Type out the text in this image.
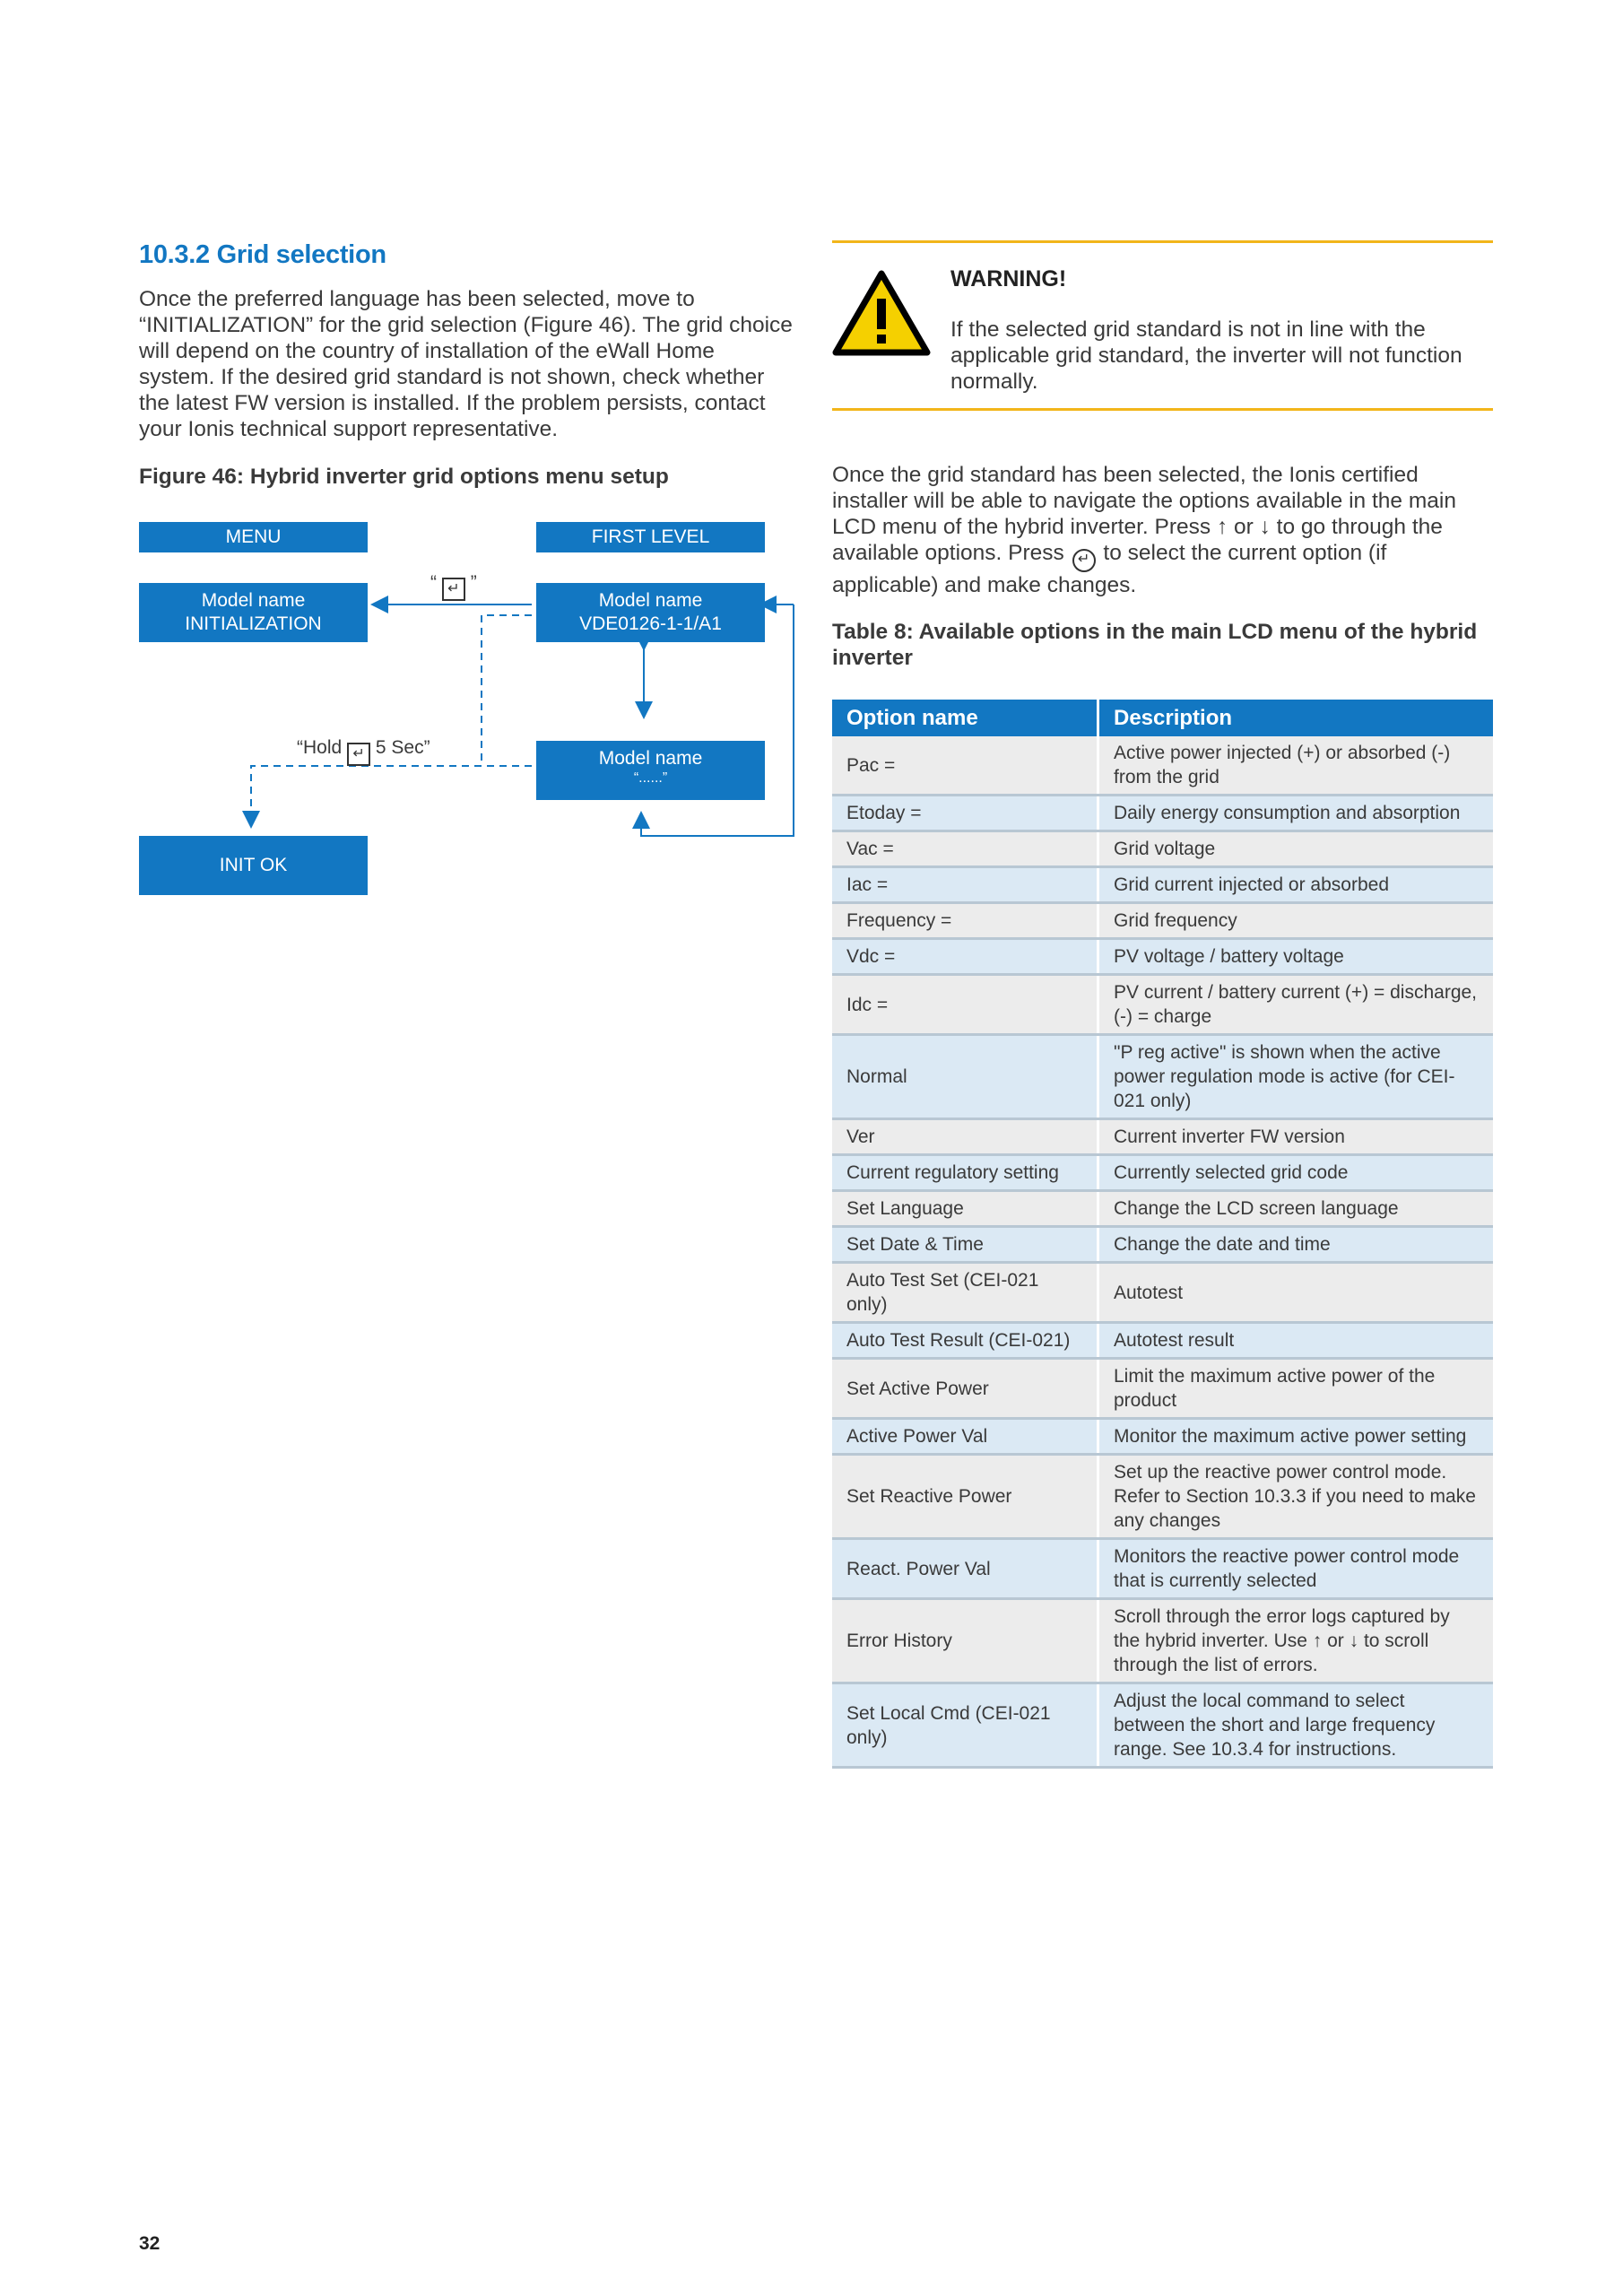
10.3.2 Grid selection

Once the preferred language has been selected, move to “INITIALIZATION” for the grid selection (Figure 46). The grid choice will depend on the country of installation of the eWall Home system. If the desired grid standard is not shown, check whether the latest FW version is installed. If the problem persists, contact your Ionis technical support representative.

Figure 46: Hybrid inverter grid options menu setup
MENU	FIRST LEVEL
Model name
INITIALIZATION
Model name
VDE0126-1-1/A1
Model name
“......”
“ ↵ ”
“Hold ↵ 5 Sec”
INIT OK
WARNING!
If the selected grid standard is not in line with the applicable grid standard, the inverter will not function normally.

Once the grid standard has been selected, the Ionis certified installer will be able to navigate the options available in the main LCD menu of the hybrid inverter. Press ↑ or ↓ to go through the available options. Press ↵ to select the current option (if applicable) and make changes.

Table 8: Available options in the main LCD menu of the hybrid inverter
Option name	Description
Pac =	Active power injected (+) or absorbed (-) from the grid
Etoday =	Daily energy consumption and absorption
Vac =	Grid voltage
Iac =	Grid current injected or absorbed
Frequency =	Grid frequency
Vdc =	PV voltage / battery voltage
Idc =	PV current / battery current (+) = discharge, (-) = charge
Normal	"P reg active" is shown when the active power regulation mode is active (for CEI-021 only)
Ver	Current inverter FW version
Current regulatory setting	Currently selected grid code
Set Language	Change the LCD screen language
Set Date & Time	Change the date and time
Auto Test Set (CEI-021 only)	Autotest
Auto Test Result (CEI-021)	Autotest result
Set Active Power	Limit the maximum active power of the product
Active Power Val	Monitor the maximum active power setting
Set Reactive Power	Set up the reactive power control mode. Refer to Section 10.3.3 if you need to make any changes
React. Power Val	Monitors the reactive power control mode that is currently selected
Error History	Scroll through the error logs captured by the hybrid inverter. Use ↑ or ↓ to scroll through the list of errors.
Set Local Cmd (CEI-021 only)	Adjust the local command to select between the short and large frequency range. See 10.3.4 for instructions.
32
